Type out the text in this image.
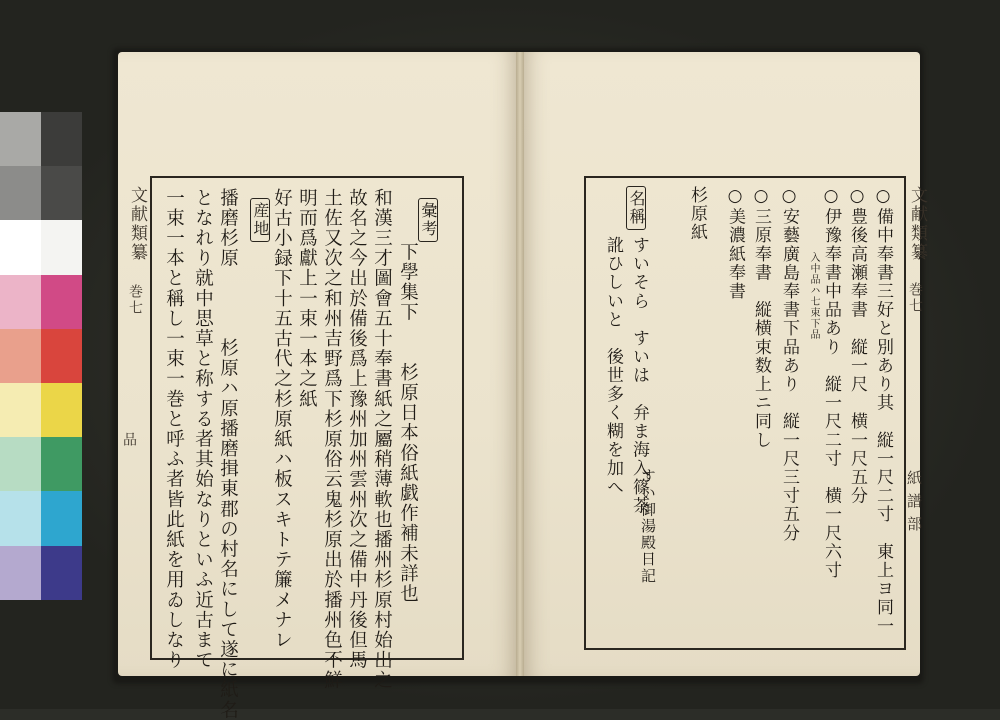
文献類纂
巻七
品
彙考
産地
下學集下　　杉原日本俗紙戯作補未詳也
和漢三才圖會五十奉書紙之屬稍薄軟也播州杉原村始出之
故名之今出於備後爲上豫州加州雲州次之備中丹後但馬
土佐又次之和州吉野爲下杉原俗云鬼杉原出於播州色不鮮
明而爲獻上一束一本之紙
好古小録下十五古代之杉原紙ハ板スキトテ簾メナレ
播磨杉原
　　杉原ハ原播磨揖東郡の村名にして遂に紙名
となれり就中思草と称する者其始なりといふ近古まて
一束一本と稱し一束一巻と呼ふ者皆此紙を用ゐしなり	文献類纂
巻七
紙譜部
○備中奉書三好と別あり其　縦一尺二寸　東上ヨ同一
○豊後高瀬奉書　縦一尺　横一尺五分
○伊豫奉書中品あり　縦一尺二寸　横一尺六寸
入中品ハ七束下品
○安藝廣島奉書下品あり　縦一尺三寸五分
○三原奉書　縦横束数上ニ同し
○美濃紙奉書
杉原紙
名稱
すいそら　すいは　弁ま海入篠茶
訛ひしいと　後世多く糊を加へ
すい御湯殿日記
